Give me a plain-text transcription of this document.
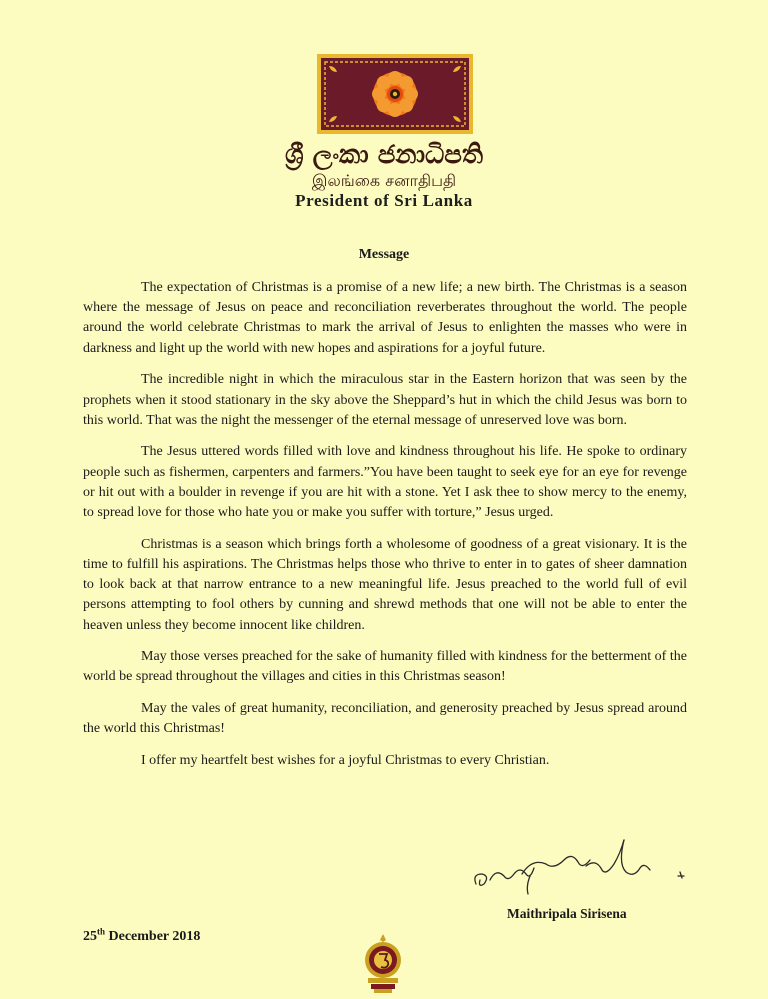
ශ්‍රී ලංකා ජනාධිපති
இலங்கை சனாதிபதி
President of Sri Lanka
Message

The expectation of Christmas is a promise of a new life; a new birth. The Christmas is a season where the message of Jesus on peace and reconciliation reverberates throughout the world. The people around the world celebrate Christmas to mark the arrival of Jesus to enlighten the masses who were in darkness and light up the world with new hopes and aspirations for a joyful future.

The incredible night in which the miraculous star in the Eastern horizon that was seen by the prophets when it stood stationary in the sky above the Sheppard’s hut in which the child Jesus was born to this world. That was the night the messenger of the eternal message of unreserved love was born.

The Jesus uttered words filled with love and kindness throughout his life. He spoke to ordinary people such as fishermen, carpenters and farmers.”You have been taught to seek eye for an eye for revenge or hit out with a boulder in revenge if you are hit with a stone. Yet I ask thee to show mercy to the enemy, to spread love for those who hate you or make you suffer with torture,” Jesus urged.

Christmas is a season which brings forth a wholesome of goodness of a great visionary. It is the time to fulfill his aspirations. The Christmas helps those who thrive to enter in to gates of sheer damnation to look back at that narrow entrance to a new meaningful life. Jesus preached to the world full of evil persons attempting to fool others by cunning and shrewd methods that one will not be able to enter the heaven unless they become innocent like children.

May those verses preached for the sake of humanity filled with kindness for the betterment of the world be spread throughout the villages and cities in this Christmas season!

May the vales of great humanity, reconciliation, and generosity preached by Jesus spread around the world this Christmas!

I offer my heartfelt best wishes for a joyful Christmas to every Christian.

Maithripala Sirisena
25th December 2018
